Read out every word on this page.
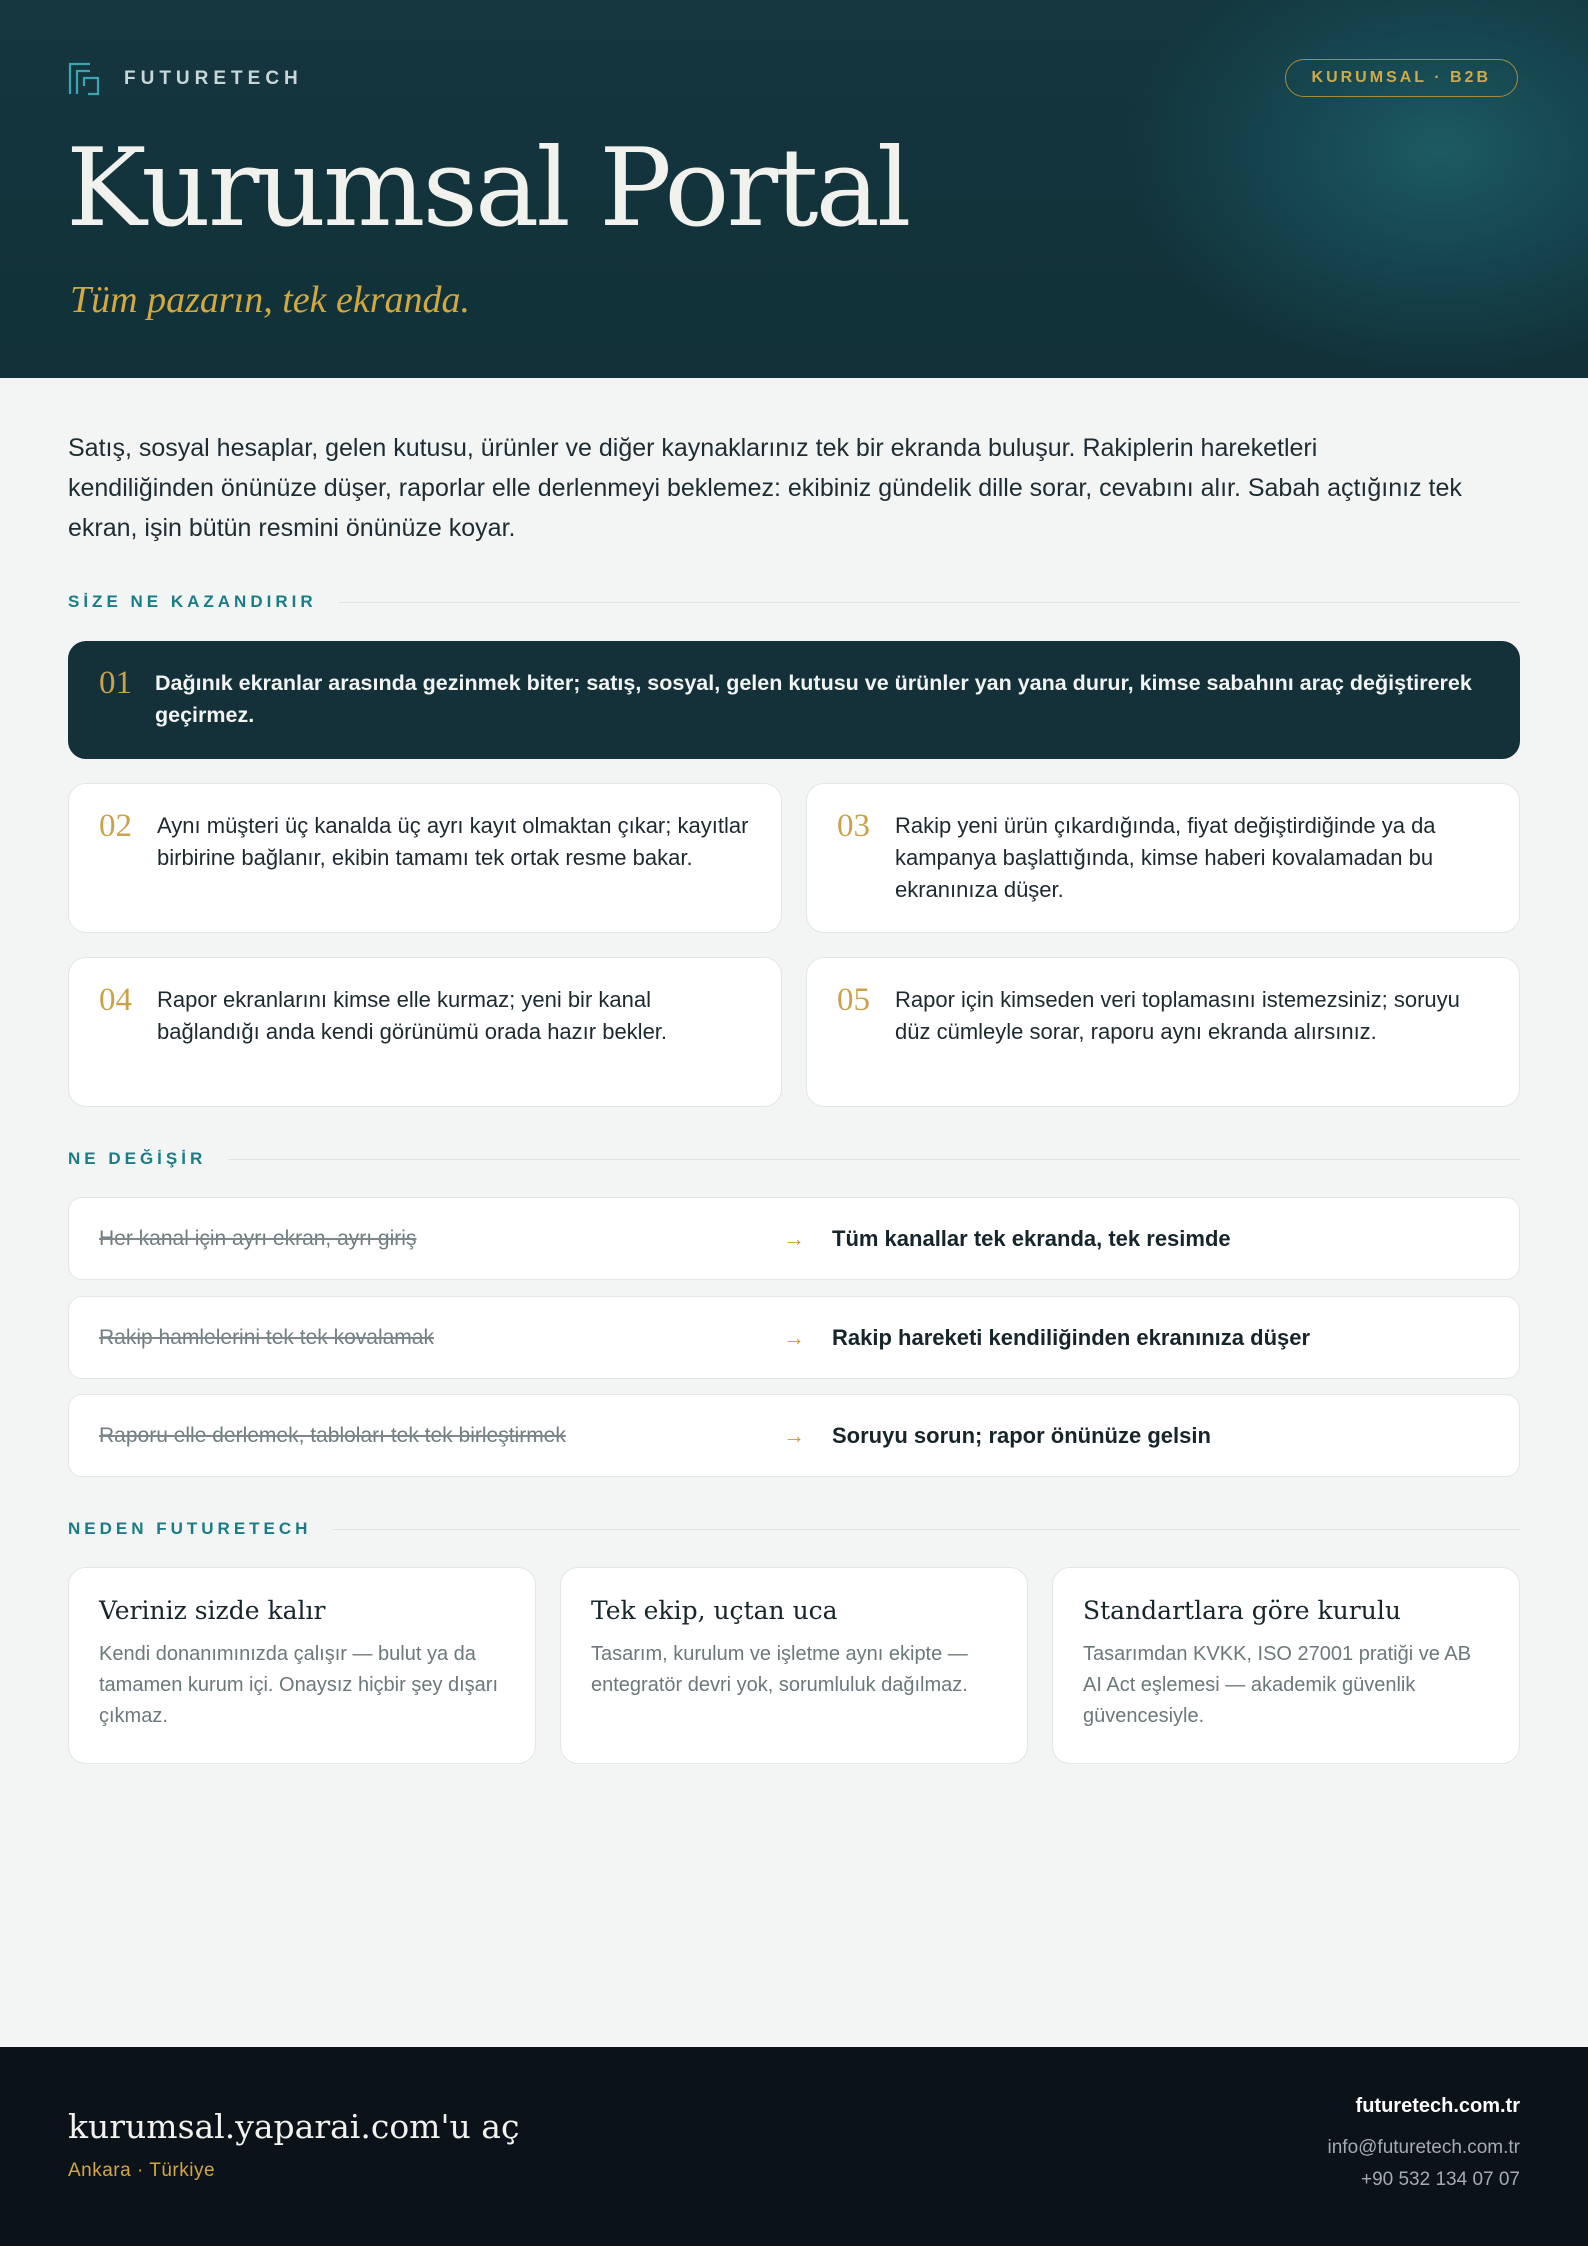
FUTURETECH	KURUMSAL · B2B
Kurumsal Portal

Tüm pazarın, tek ekranda.

Satış, sosyal hesaplar, gelen kutusu, ürünler ve diğer kaynaklarınız tek bir ekranda buluşur. Rakiplerin hareketleri kendiliğinden önünüze düşer, raporlar elle derlenmeyi beklemez: ekibiniz gündelik dille sorar, cevabını alır. Sabah açtığınız tek ekran, işin bütün resmini önünüze koyar.

SİZE NE KAZANDIRIR
01	Dağınık ekranlar arasında gezinmek biter; satış, sosyal, gelen kutusu ve ürünler yan yana durur, kimse sabahını araç değiştirerek geçirmez.
02	Aynı müşteri üç kanalda üç ayrı kayıt olmaktan çıkar; kayıtlar birbirine bağlanır, ekibin tamamı tek ortak resme bakar.
03	Rakip yeni ürün çıkardığında, fiyat değiştirdiğinde ya da kampanya başlattığında, kimse haberi kovalamadan bu ekranınıza düşer.
04	Rapor ekranlarını kimse elle kurmaz; yeni bir kanal bağlandığı anda kendi görünümü orada hazır bekler.
05	Rapor için kimseden veri toplamasını istemezsiniz; soruyu düz cümleyle sorar, raporu aynı ekranda alırsınız.
NE DEĞİŞİR
Her kanal için ayrı ekran, ayrı giriş	→ Tüm kanallar tek ekranda, tek resimde
Rakip hamlelerini tek tek kovalamak	→ Rakip hareketi kendiliğinden ekranınıza düşer
Raporu elle derlemek, tabloları tek tek birleştirmek	→ Soruyu sorun; rapor önünüze gelsin
NEDEN FUTURETECH
Veriniz sizde kalır

Kendi donanımınızda çalışır — bulut ya da tamamen kurum içi. Onaysız hiçbir şey dışarı çıkmaz.

Tek ekip, uçtan uca

Tasarım, kurulum ve işletme aynı ekipte — entegratör devri yok, sorumluluk dağılmaz.

Standartlara göre kurulu

Tasarımdan KVKK, ISO 27001 pratiği ve AB AI Act eşlemesi — akademik güvenlik güvencesiyle.

kurumsal.yaparai.com'u aç

Ankara · Türkiye
futuretech.com.tr
info@futuretech.com.tr
+90 532 134 07 07
